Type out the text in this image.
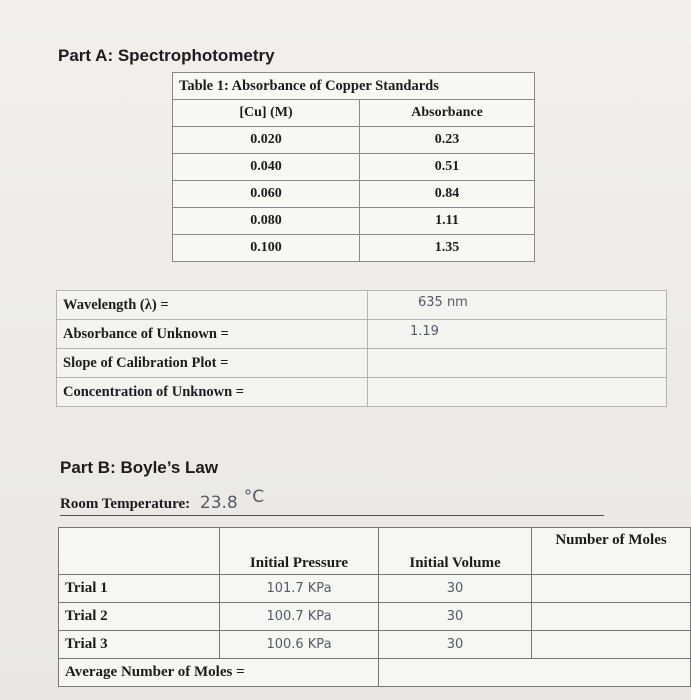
Part A: Spectrophotometry
Table 1: Absorbance of Copper Standards	
[Cu] (M)	Absorbance
0.020	0.23
0.040	0.51
0.060	0.84
0.080	1.11
0.100	1.35
Wavelength (λ) =	635 nm
Absorbance of Unknown =	1.19
Slope of Calibration Plot =	
Concentration of Unknown =	
Part B: Boyle’s Law
Room Temperature: 23.8 $^{^\circ C}$
	Initial Pressure	Initial Volume	Number of Moles
Trial 1	101.7 KPa	30	
Trial 2	100.7 KPa	30	
Trial 3	100.6 KPa	30	
Average Number of Moles =			
